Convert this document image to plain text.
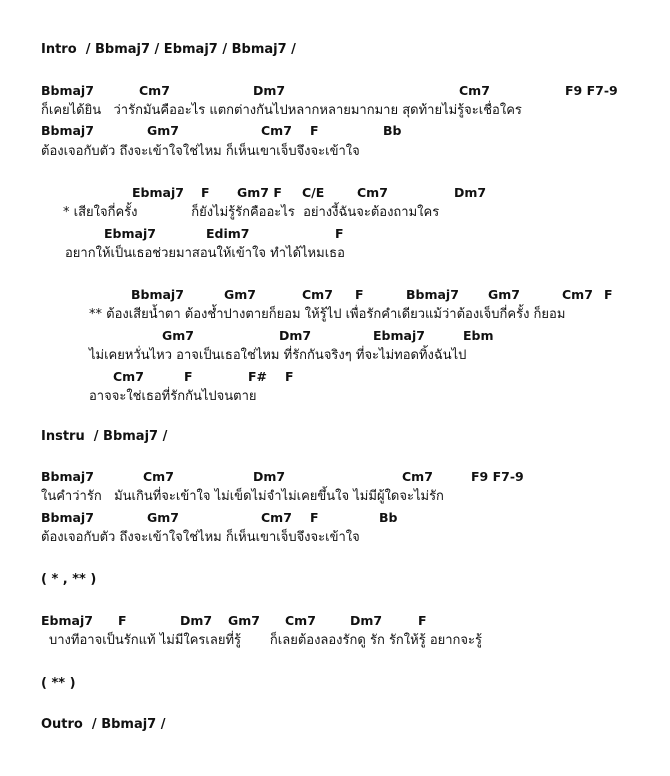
Intro  / Bbmaj7 / Ebmaj7 / Bbmaj7 /
Bbmaj7	Cm7	Dm7	Cm7	F9 F7-9
ก็เคยได้ยิน   ว่ารักมันคืออะไร แตกต่างกันไปหลากหลายมากมาย สุดท้ายไม่รู้จะเชื่อใคร
Bbmaj7	Gm7	Cm7 F	Bb
ต้องเจอกับตัว ถึงจะเข้าใจใช่ไหม ก็เห็นเขาเจ็บจึงจะเข้าใจ
Ebmaj7 F Gm7 F C/E	Cm7	Dm7
* เสียใจกี่ครั้ง             ก็ยังไม่รู้รักคืออะไร  อย่างงี้ฉันจะต้องถามใคร
Ebmaj7	Edim7	F
อยากให้เป็นเธอช่วยมาสอนให้เข้าใจ ทำได้ไหมเธอ
Bbmaj7	Gm7	Cm7 F	Bbmaj7 Gm7	Cm7 F
** ต้องเสียน้ำตา ต้องช้ำปางตายก็ยอม ให้รู้ไป เพื่อรักคำเดียวแม้ว่าต้องเจ็บกี่ครั้ง ก็ยอม
Gm7	Dm7	Ebmaj7	Ebm
ไม่เคยหวั่นไหว อาจเป็นเธอใช่ไหม ที่รักกันจริงๆ ที่จะไม่ทอดทิ้งฉันไป
Cm7	F	F# F
อาจจะใช่เธอที่รักกันไปจนตาย
Instru  / Bbmaj7 /
Bbmaj7	Cm7	Dm7	Cm7	F9 F7-9
ในคำว่ารัก   มันเกินที่จะเข้าใจ ไม่เข็ดไม่จำไม่เคยขึ้นใจ ไม่มีผู้ใดจะไม่รัก
Bbmaj7	Gm7	Cm7 F	Bb
ต้องเจอกับตัว ถึงจะเข้าใจใช่ไหม ก็เห็นเขาเจ็บจึงจะเข้าใจ
( * , ** )
Ebmaj7 F	Dm7 Gm7 Cm7	Dm7	F
บางทีอาจเป็นรักแท้ ไม่มีใครเลยที่รู้       ก็เลยต้องลองรักดู รัก รักให้รู้ อยากจะรู้
( ** )
Outro  / Bbmaj7 /
